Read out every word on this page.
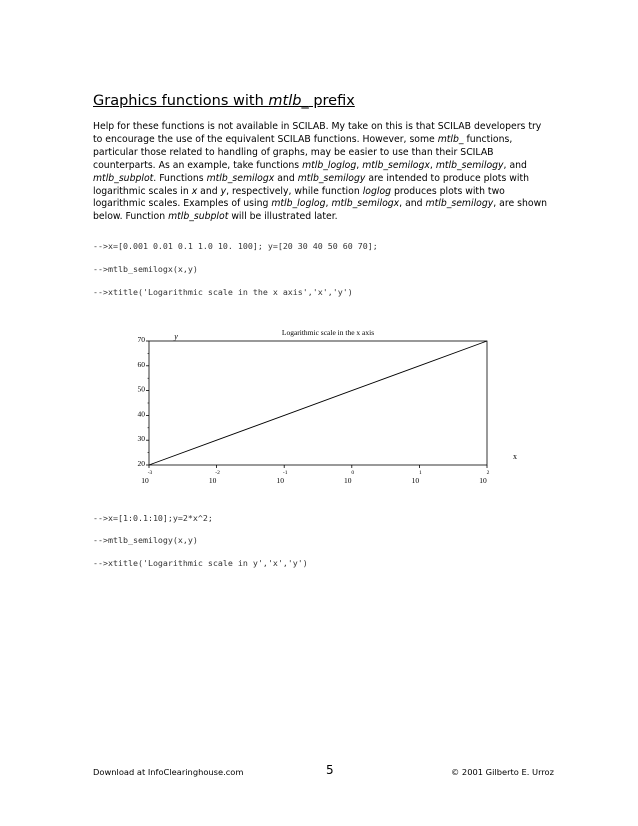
Graphics functions with mtlb_ prefix
Help for these functions is not available in SCILAB. My take on this is that SCILAB developers try to encourage the use of the equivalent SCILAB functions. However, some mtlb_ functions, particular those related to handling of graphs, may be easier to use than their SCILAB counterparts. As an example, take functions mtlb_loglog, mtlb_semilogx, mtlb_semilogy, and mtlb_subplot. Functions mtlb_semilogx and mtlb_semilogy are intended to produce plots with logarithmic scales in x and y, respectively, while function loglog produces plots with two logarithmic scales. Examples of using mtlb_loglog, mtlb_semilogx, and mtlb_semilogy, are shown below. Function mtlb_subplot will be illustrated later.
-->x=[0.001 0.01 0.1 1.0 10. 100]; y=[20 30 40 50 60 70];
-->mtlb_semilogx(x,y)
-->xtitle('Logarithmic scale in the x axis','x','y')
20
30
40
50
60
70
-3
10
-2
10
-1
10
0
10
1
10
2
10
Logarithmic scale in the x axis
y
x
-->x=[1:0.1:10];y=2*x^2;
-->mtlb_semilogy(x,y)
-->xtitle('Logarithmic scale in y','x','y')
Download at InfoClearinghouse.com	5	© 2001 Gilberto E. Urroz
